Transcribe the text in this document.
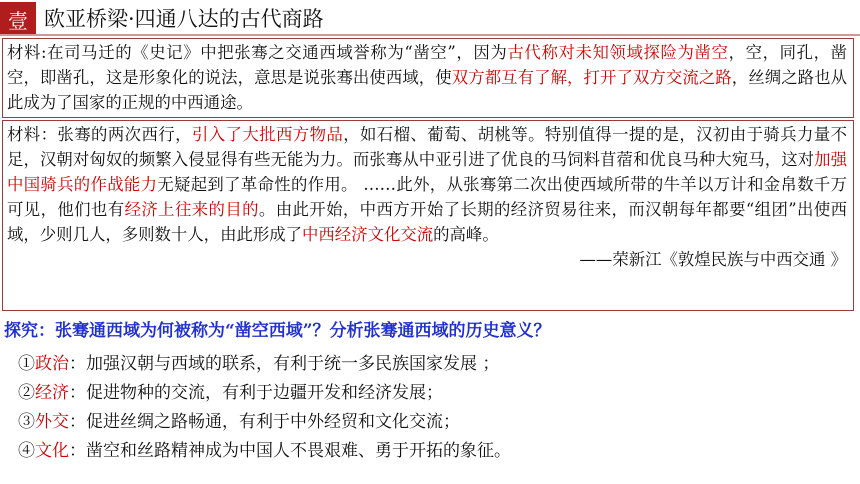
壹 欧亚桥梁·四通八达的古代商路
材料:在司马迁的《史记》中把张骞之交通西域誉称为“凿空”，因为古代称对未知领域探险为凿空，空，同孔，凿空，即凿孔，这是形象化的说法，意思是说张骞出使西域，使双方都互有了解，打开了双方交流之路，丝绸之路也从此成为了国家的正规的中西通途。
材料：张骞的两次西行，引入了大批西方物品，如石榴、葡萄、胡桃等。特别值得一提的是，汉初由于骑兵力量不足，汉朝对匈奴的频繁入侵显得有些无能为力。而张骞从中亚引进了优良的马饲料苜蓿和优良马种大宛马，这对加强中国骑兵的作战能力无疑起到了革命性的作用。 ……此外，从张骞第二次出使西域所带的牛羊以万计和金帛数千万可见，他们也有经济上往来的目的。由此开始，中西方开始了长期的经济贸易往来，而汉朝每年都要“组团”出使西域，少则几人，多则数十人，由此形成了中西经济文化交流的高峰。
——荣新江《敦煌民族与中西交通 》
探究：张骞通西域为何被称为“凿空西域”？分析张骞通西域的历史意义？
①政治：加强汉朝与西域的联系，有利于统一多民族国家发展 ；
②经济：促进物种的交流，有利于边疆开发和经济发展；
③外交：促进丝绸之路畅通，有利于中外经贸和文化交流；
④文化：凿空和丝路精神成为中国人不畏艰难、勇于开拓的象征。
